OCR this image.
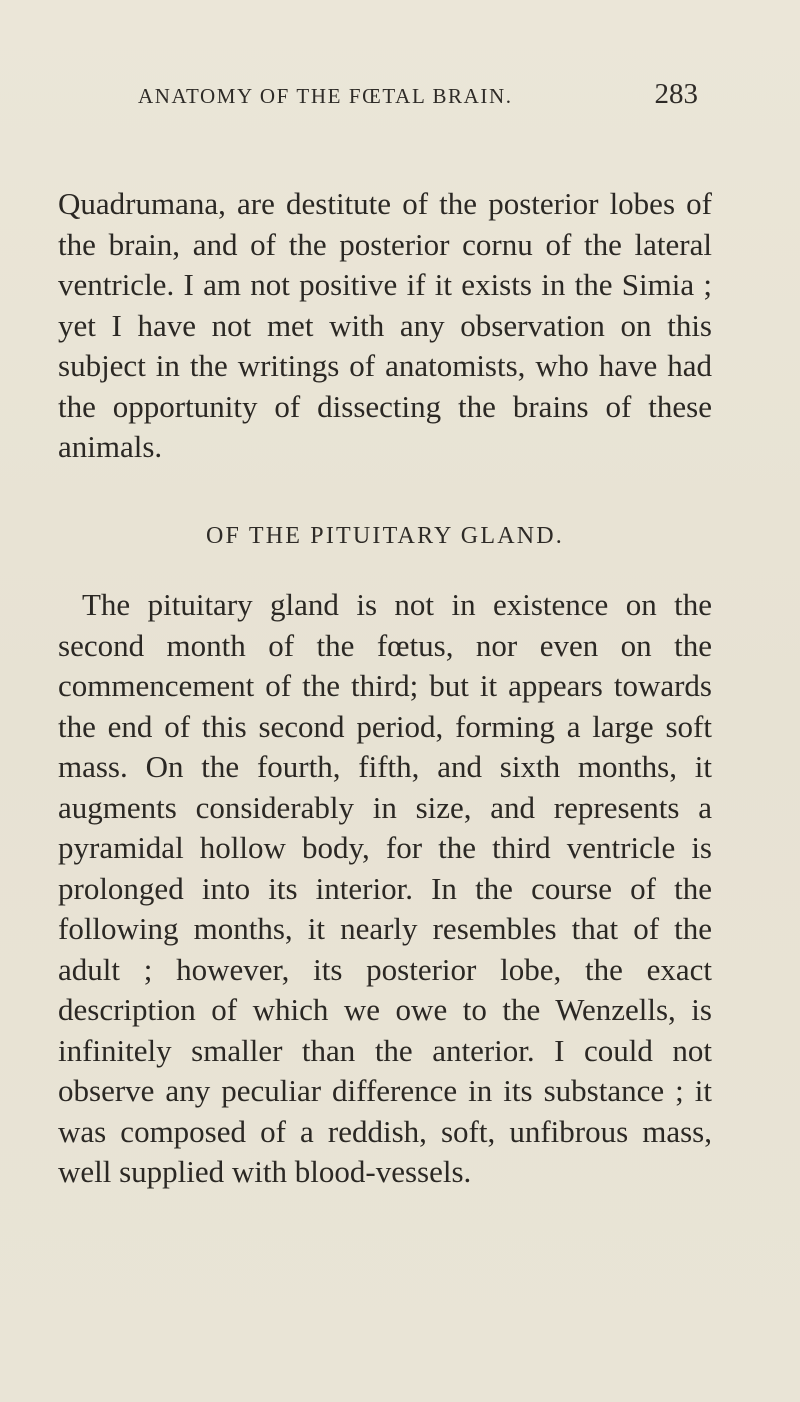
ANATOMY OF THE FŒTAL BRAIN.	283

Quadrumana, are destitute of the posterior lobes of the brain, and of the posterior cornu of the lateral ventricle. I am not positive if it exists in the Simia ; yet I have not met with any observation on this subject in the writings of anatomists, who have had the opportunity of dissecting the brains of these animals.

OF THE PITUITARY GLAND.

The pituitary gland is not in existence on the second month of the fœtus, nor even on the commencement of the third; but it appears towards the end of this second period, forming a large soft mass. On the fourth, fifth, and sixth months, it augments considerably in size, and represents a pyramidal hollow body, for the third ventricle is prolonged into its interior. In the course of the following months, it nearly resembles that of the adult ; however, its posterior lobe, the exact description of which we owe to the Wenzells, is infinitely smaller than the anterior. I could not observe any peculiar difference in its substance ; it was composed of a reddish, soft, unfibrous mass, well supplied with blood-vessels.
